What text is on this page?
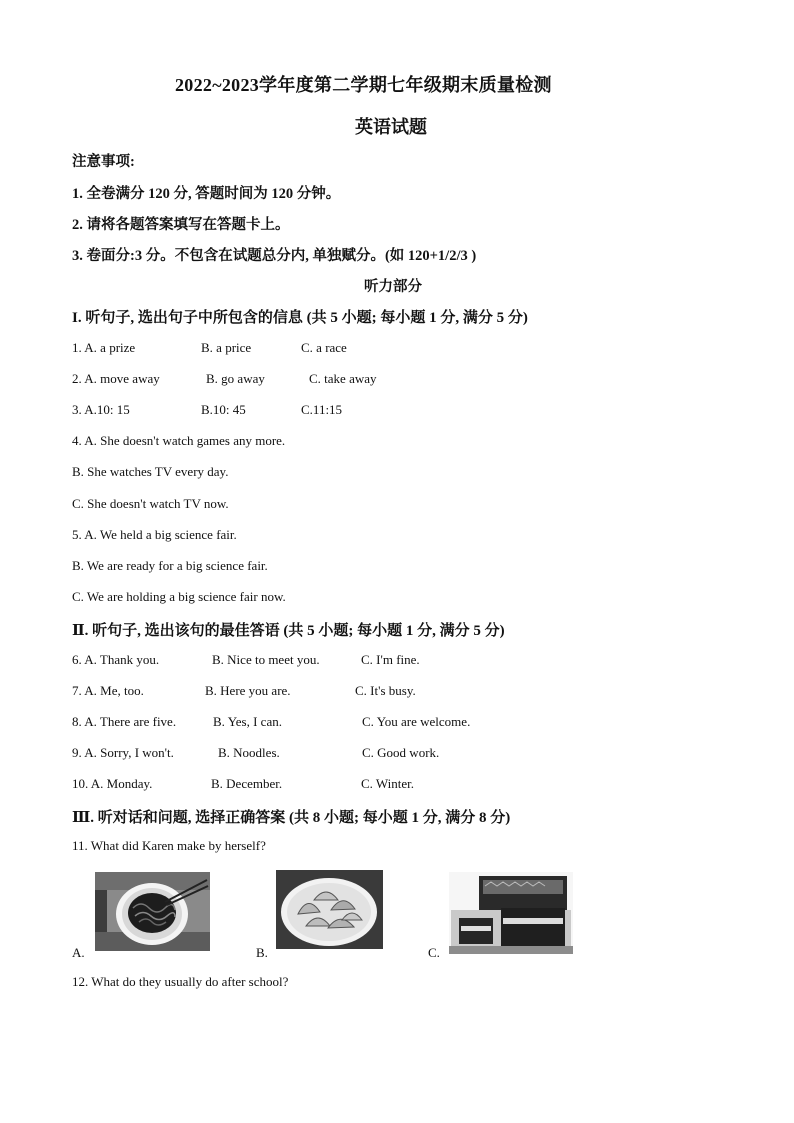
2022~2023学年度第二学期七年级期末质量检测
英语试题
注意事项:
1. 全卷满分 120 分, 答题时间为 120 分钟。
2. 请将各题答案填写在答题卡上。
3. 卷面分:3 分。不包含在试题总分内, 单独赋分。(如 120+1/2/3 )
听力部分
I. 听句子, 选出句子中所包含的信息 (共 5 小题; 每小题 1 分, 满分 5 分)
1. A. a prize	B. a price	C. a race
2. A. move away	B. go away	C. take away
3. A.10: 15	B.10: 45	C.11:15
4. A. She doesn't watch games any more.
B. She watches TV every day.
C. She doesn't watch TV now.
5. A. We held a big science fair.
B. We are ready for a big science fair.
C. We are holding a big science fair now.
Ⅱ. 听句子, 选出该句的最佳答语 (共 5 小题; 每小题 1 分, 满分 5 分)
6. A. Thank you.	B. Nice to meet you.	C. I'm fine.
7. A. Me, too.	B. Here you are.	C. It's busy.
8. A. There are five.	B. Yes, I can.	C. You are welcome.
9. A. Sorry, I won't.	B. Noodles.	C. Good work.
10. A. Monday.	B. December.	C. Winter.
Ⅲ. 听对话和问题, 选择正确答案 (共 8 小题; 每小题 1 分, 满分 8 分)
11. What did Karen make by herself?
A.	B.	C.
12. What do they usually do after school?
